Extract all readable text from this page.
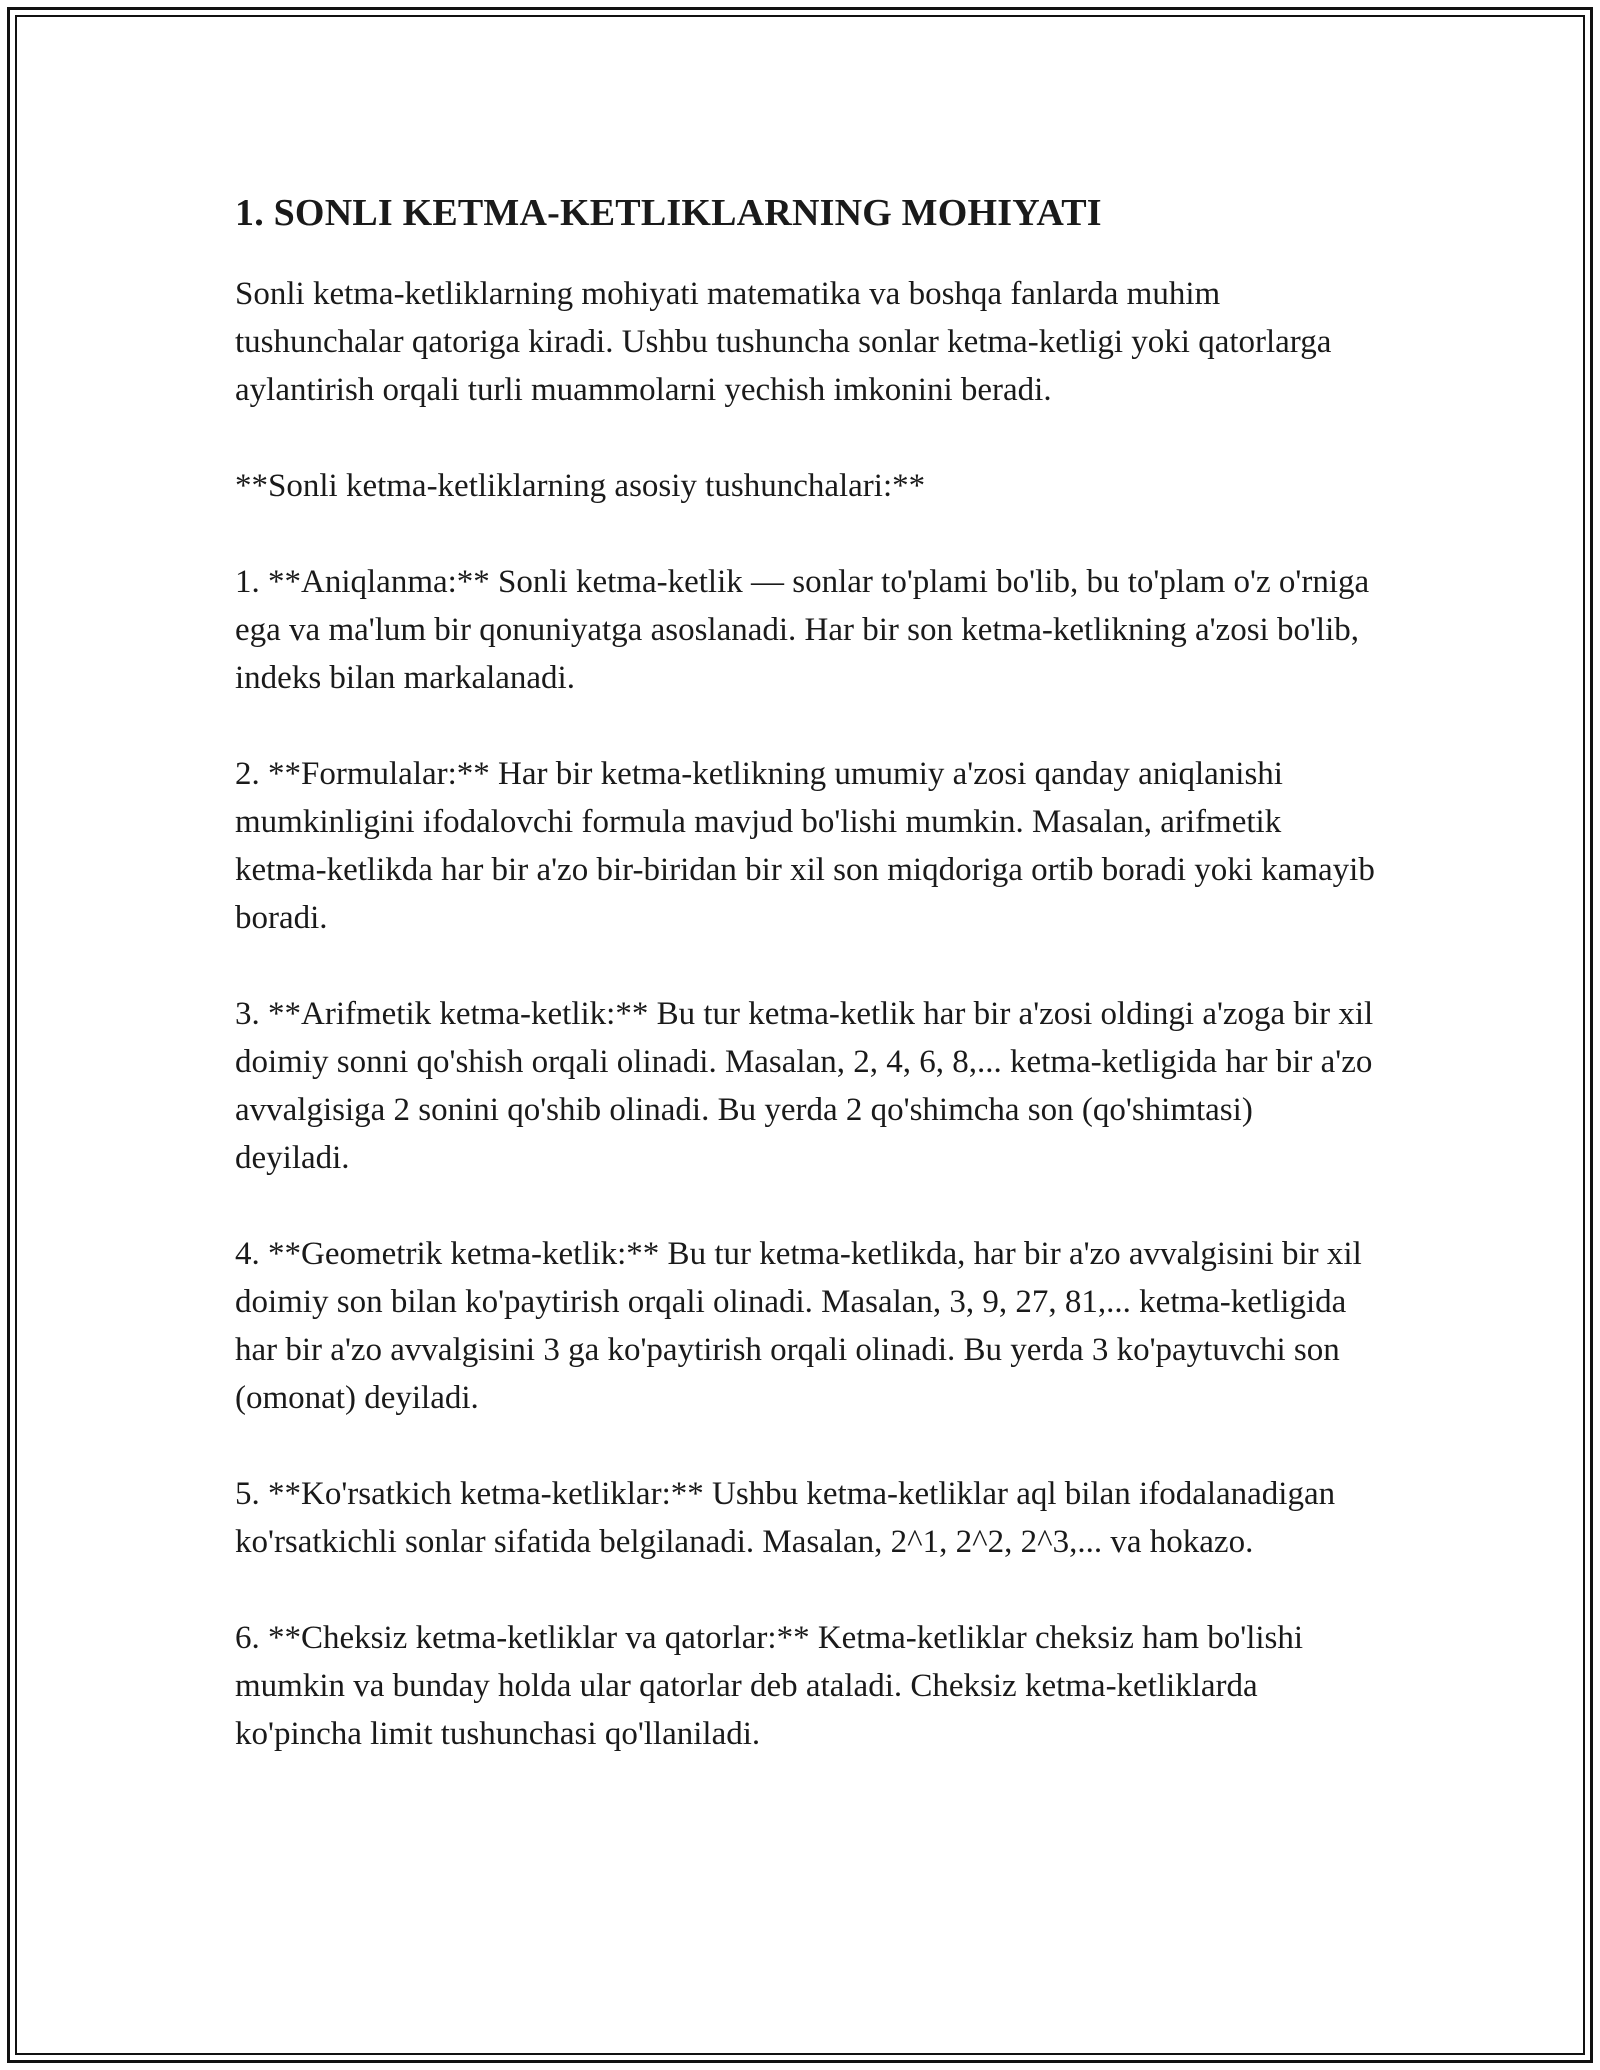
1. SONLI KETMA-KETLIKLARNING MOHIYATI

Sonli ketma-ketliklarning mohiyati matematika va boshqa fanlarda muhim tushunchalar qatoriga kiradi. Ushbu tushuncha sonlar ketma-ketligi yoki qatorlarga aylantirish orqali turli muammolarni yechish imkonini beradi.

**Sonli ketma-ketliklarning asosiy tushunchalari:**

1. **Aniqlanma:** Sonli ketma-ketlik — sonlar to'plami bo'lib, bu to'plam o'z o'rniga ega va ma'lum bir qonuniyatga asoslanadi. Har bir son ketma-ketlikning a'zosi bo'lib, indeks bilan markalanadi.

2. **Formulalar:** Har bir ketma-ketlikning umumiy a'zosi qanday aniqlanishi mumkinligini ifodalovchi formula mavjud bo'lishi mumkin. Masalan, arifmetik ketma-ketlikda har bir a'zo bir-biridan bir xil son miqdoriga ortib boradi yoki kamayib boradi.

3. **Arifmetik ketma-ketlik:** Bu tur ketma-ketlik har bir a'zosi oldingi a'zoga bir xil doimiy sonni qo'shish orqali olinadi. Masalan, 2, 4, 6, 8,... ketma-ketligida har bir a'zo avvalgisiga 2 sonini qo'shib olinadi. Bu yerda 2 qo'shimcha son (qo'shimtasi) deyiladi.

4. **Geometrik ketma-ketlik:** Bu tur ketma-ketlikda, har bir a'zo avvalgisini bir xil doimiy son bilan ko'paytirish orqali olinadi. Masalan, 3, 9, 27, 81,... ketma-ketligida har bir a'zo avvalgisini 3 ga ko'paytirish orqali olinadi. Bu yerda 3 ko'paytuvchi son (omonat) deyiladi.

5. **Ko'rsatkich ketma-ketliklar:** Ushbu ketma-ketliklar aql bilan ifodalanadigan ko'rsatkichli sonlar sifatida belgilanadi. Masalan, 2^1, 2^2, 2^3,... va hokazo.

6. **Cheksiz ketma-ketliklar va qatorlar:** Ketma-ketliklar cheksiz ham bo'lishi mumkin va bunday holda ular qatorlar deb ataladi. Cheksiz ketma-ketliklarda ko'pincha limit tushunchasi qo'llaniladi.
